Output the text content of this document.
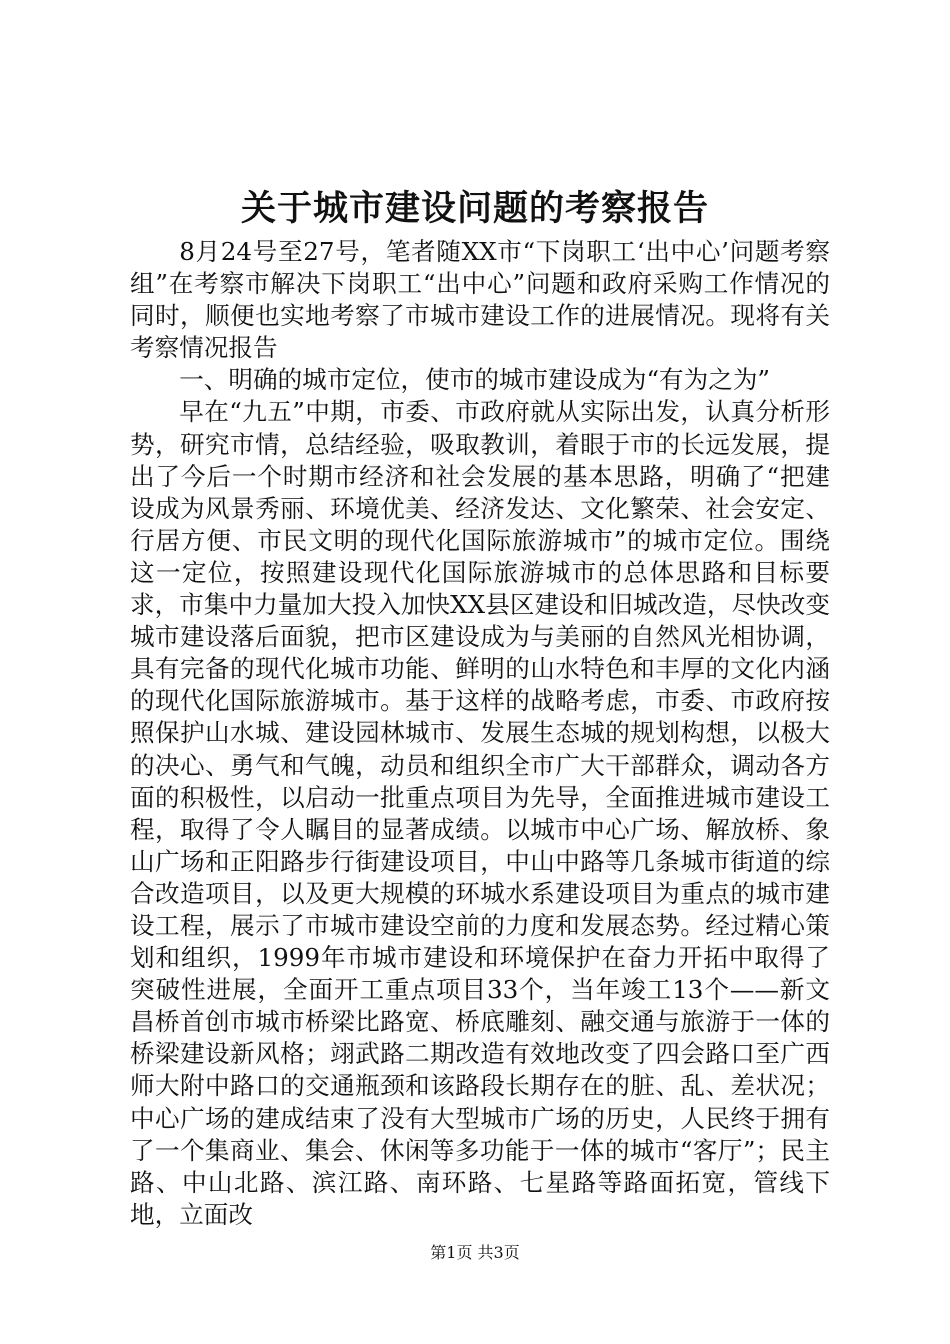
关于城市建设问题的考察报告

8月24号至27号，笔者随XX市“下岗职工‘出中心’问题考察组”在考察市解决下岗职工“出中心”问题和政府采购工作情况的同时，顺便也实地考察了市城市建设工作的进展情况。现将有关考察情况报告

一、明确的城市定位，使市的城市建设成为“有为之为”

早在“九五”中期，市委、市政府就从实际出发，认真分析形势，研究市情，总结经验，吸取教训，着眼于市的长远发展，提出了今后一个时期市经济和社会发展的基本思路，明确了“把建设成为风景秀丽、环境优美、经济发达、文化繁荣、社会安定、行居方便、市民文明的现代化国际旅游城市”的城市定位。围绕这一定位，按照建设现代化国际旅游城市的总体思路和目标要求，市集中力量加大投入加快XX县区建设和旧城改造，尽快改变城市建设落后面貌，把市区建设成为与美丽的自然风光相协调，具有完备的现代化城市功能、鲜明的山水特色和丰厚的文化内涵的现代化国际旅游城市。基于这样的战略考虑，市委、市政府按照保护山水城、建设园林城市、发展生态城的规划构想，以极大的决心、勇气和气魄，动员和组织全市广大干部群众，调动各方面的积极性，以启动一批重点项目为先导，全面推进城市建设工程，取得了令人瞩目的显著成绩。以城市中心广场、解放桥、象山广场和正阳路步行街建设项目，中山中路等几条城市街道的综合改造项目，以及更大规模的环城水系建设项目为重点的城市建设工程，展示了市城市建设空前的力度和发展态势。经过精心策划和组织，1999年市城市建设和环境保护在奋力开拓中取得了突破性进展，全面开工重点项目33个，当年竣工13个——新文昌桥首创市城市桥梁比路宽、桥底雕刻、融交通与旅游于一体的桥梁建设新风格；翊武路二期改造有效地改变了四会路口至广西师大附中路口的交通瓶颈和该路段长期存在的脏、乱、差状况；中心广场的建成结束了没有大型城市广场的历史，人民终于拥有了一个集商业、集会、休闲等多功能于一体的城市“客厅”；民主路、中山北路、滨江路、南环路、七星路等路面拓宽，管线下地，立面改

第1页 共3页
